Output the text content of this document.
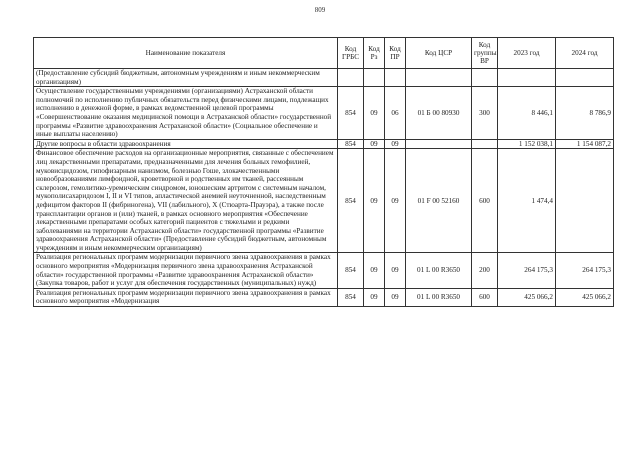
809
Наименование показателя	Код ГРБС	Код Рз	Код ПР	Код ЦСР	Код группы ВР	2023 год	2024 год
(Предоставление субсидий бюджетным, автономным учреждениям и иным некоммерческим организациям)							
Осуществление государственными учреждениями (организациями) Астраханской области полномочий по исполнению публичных обязательств перед физическими лицами, подлежащих исполнению в денежной форме, в рамках ведомственной целевой программы «Совершенствование оказания медицинской помощи в Астраханской области» государственной программы «Развитие здравоохранения Астраханской области» (Социальное обеспечение и иные выплаты населению)	854	09	06	01 Б 00 80930	300	8 446,1	8 786,9
Другие вопросы в области здравоохранения	854	09	09			1 152 038,1	1 154 087,2
Финансовое обеспечение расходов на организационные мероприятия, связанные с обеспечением лиц лекарственными препаратами, предназначенными для лечения больных гемофилией, муковисцидозом, гипофизарным нанизмом, болезнью Гоше, злокачественными новообразованиями лимфоидной, кроветворной и родственных им тканей, рассеянным склерозом, гемолитико-уремическим синдромом, юношеским артритом с системным началом, мукополисахаридозом I, II и VI типов, апластической анемией неуточненной, наследственным дефицитом факторов II (фибриногена), VII (лабильного), X (Стюарта-Прауэра), а также после трансплантации органов и (или) тканей, в рамках основного мероприятия «Обеспечение лекарственными препаратами особых категорий пациентов с тяжелыми и редкими заболеваниями на территории Астраханской области» государственной программы «Развитие здравоохранения Астраханской области» (Предоставление субсидий бюджетным, автономным учреждениям и иным некоммерческим организациям)	854	09	09	01 F 00 52160	600	1 474,4	
Реализация региональных программ модернизации первичного звена здравоохранения в рамках основного мероприятия «Модернизация первичного звена здравоохранения Астраханской области» государственной программы «Развитие здравоохранения Астраханской области» (Закупка товаров, работ и услуг для обеспечения государственных (муниципальных) нужд)	854	09	09	01 L 00 R3650	200	264 175,3	264 175,3
Реализация региональных программ модернизации первичного звена здравоохранения в рамках основного мероприятия «Модернизация	854	09	09	01 L 00 R3650	600	425 066,2	425 066,2
